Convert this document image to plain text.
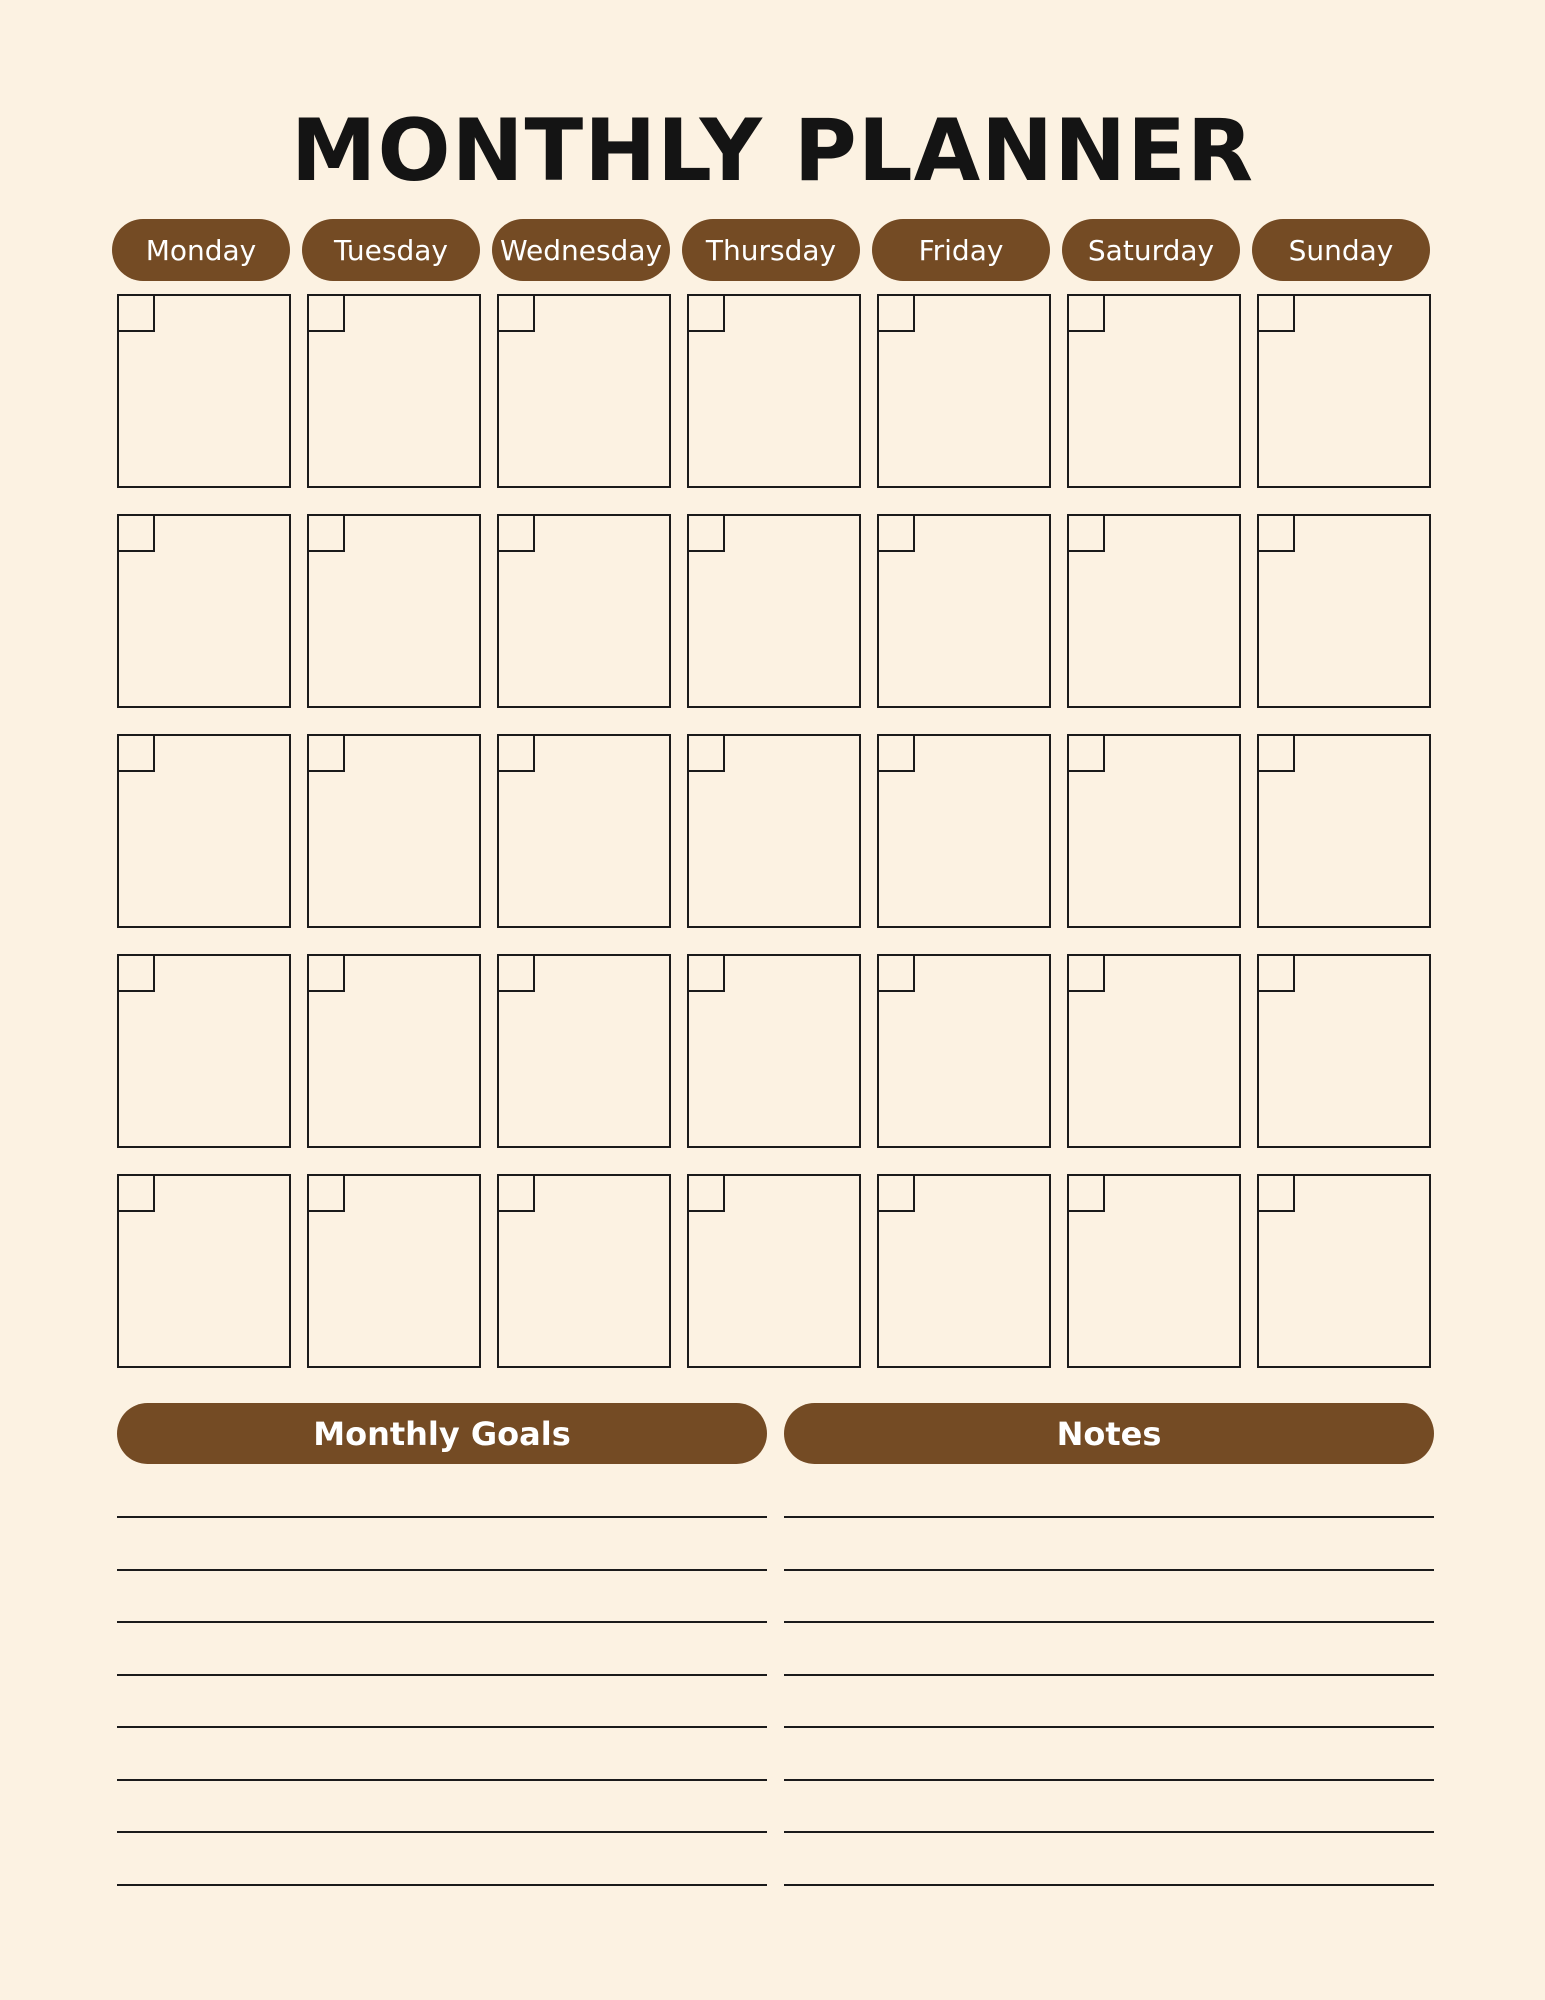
MONTHLY PLANNER
Monday	Tuesday	Wednesday	Thursday	Friday	Saturday	Sunday
Monthly Goals	Notes
